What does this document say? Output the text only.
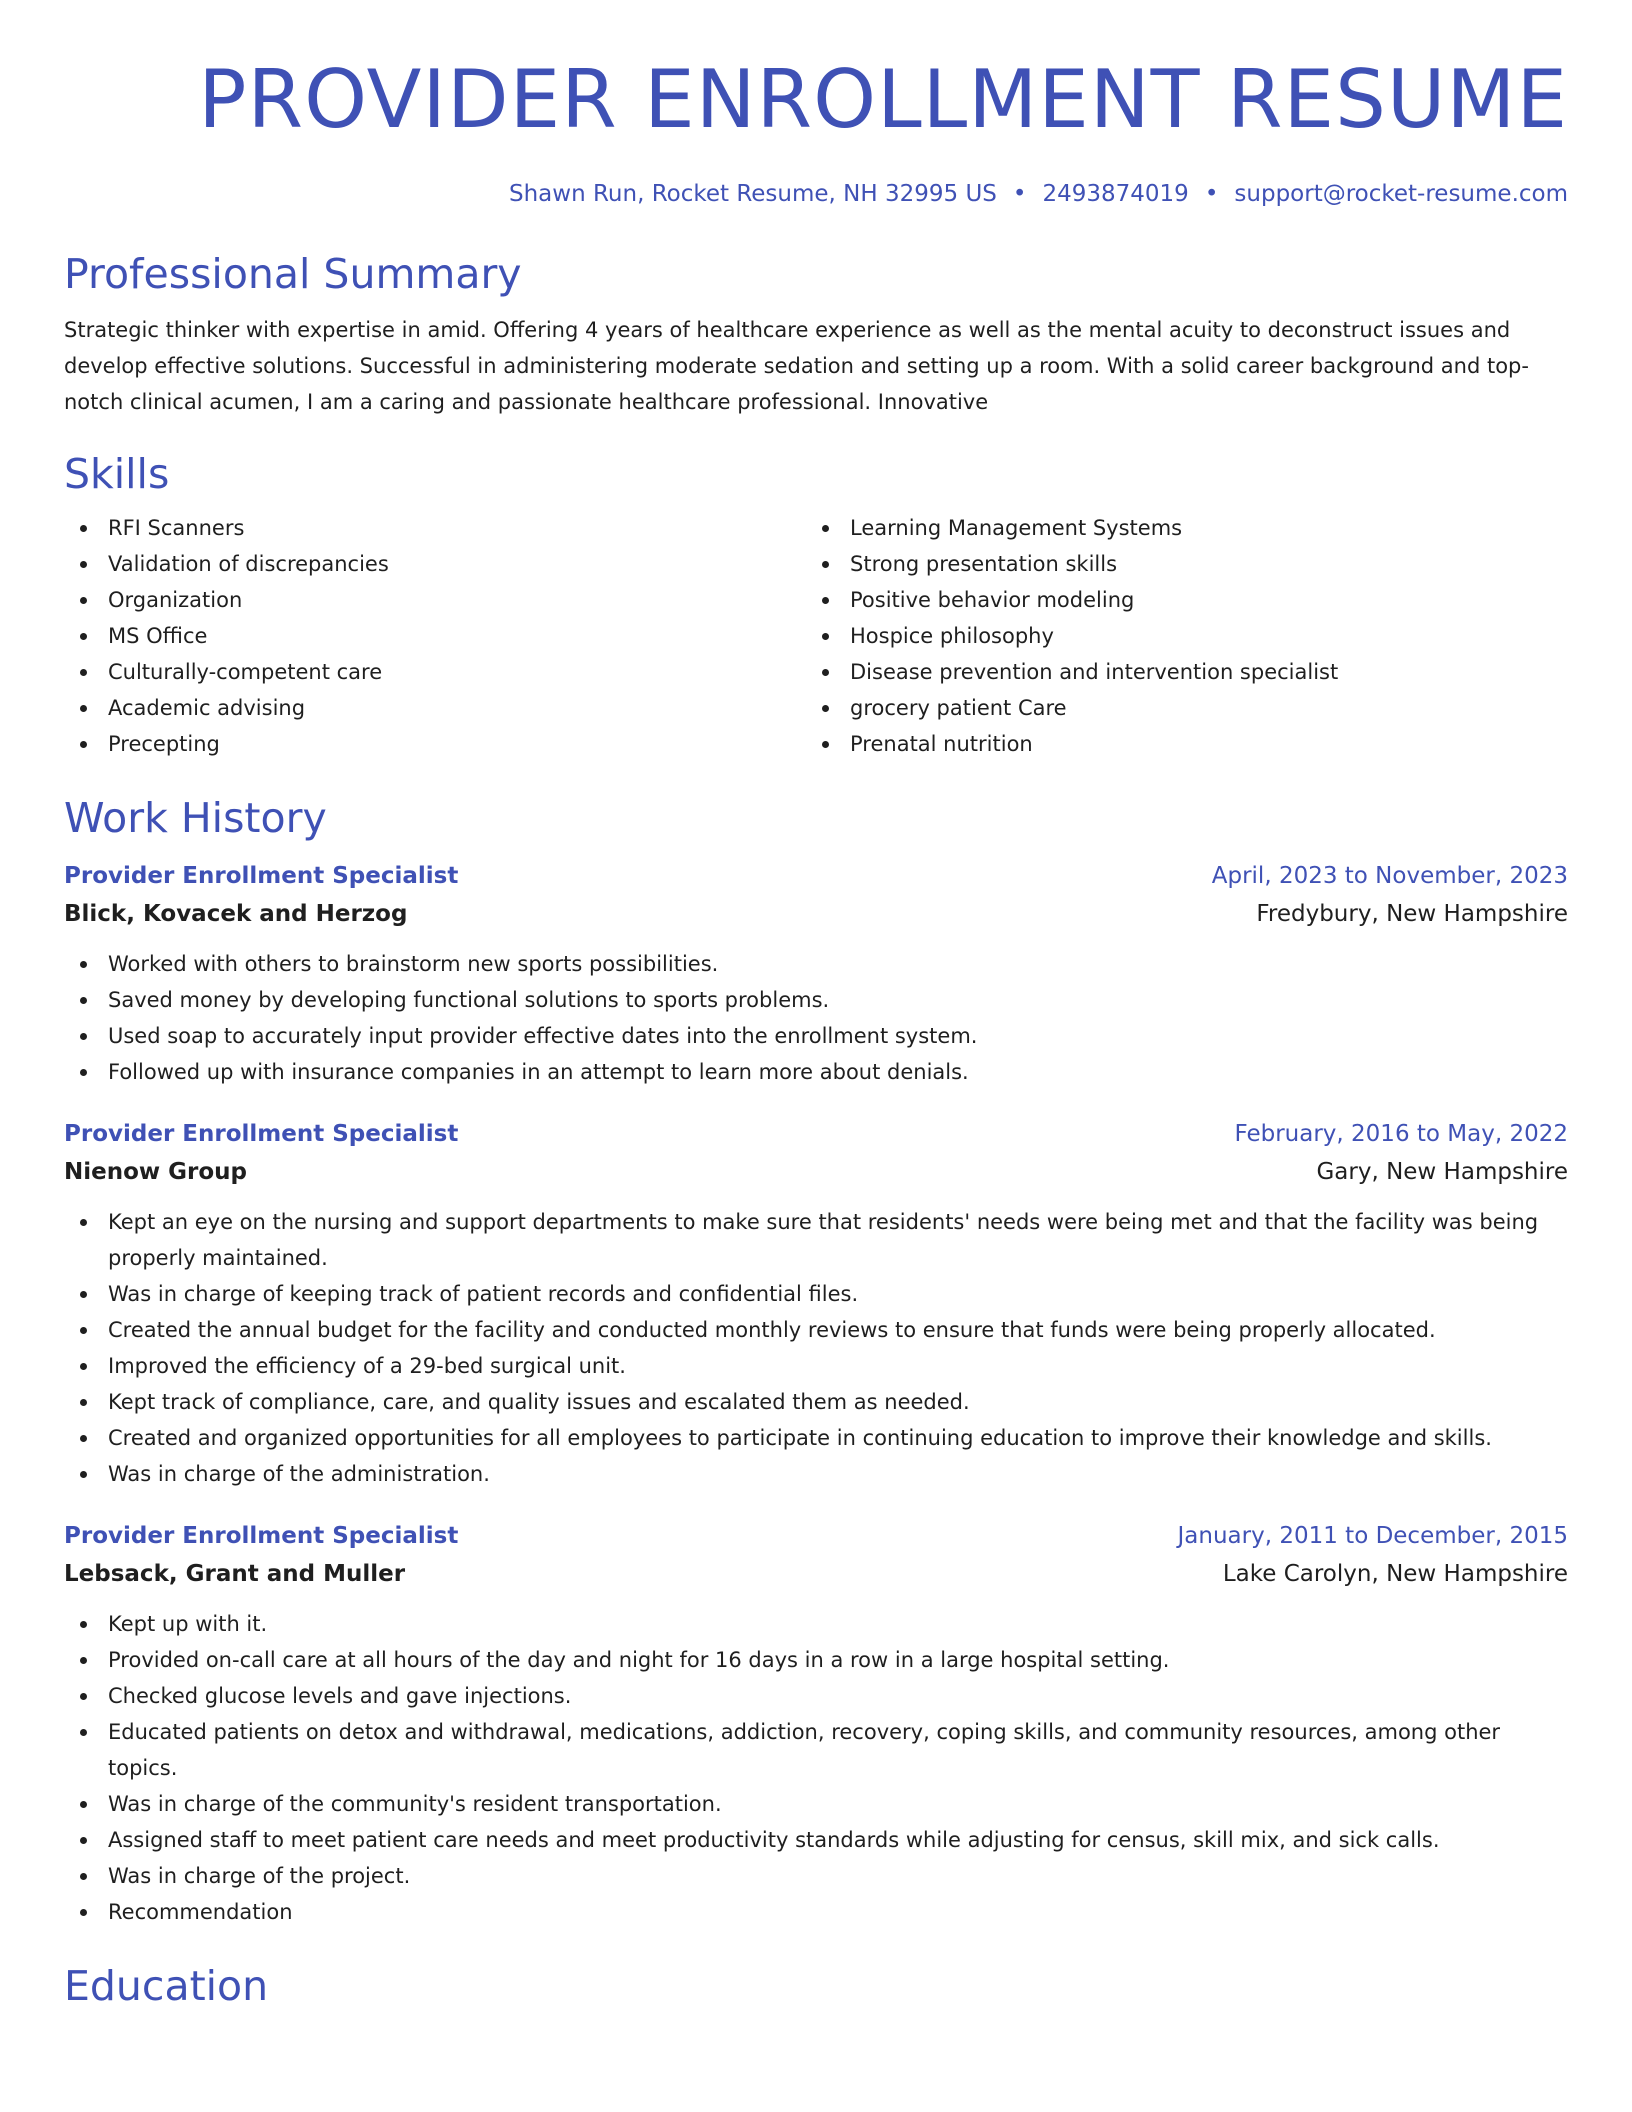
PROVIDER ENROLLMENT RESUME
Shawn Run, Rocket Resume, NH 32995 US • 2493874019 • support@rocket-resume.com
Professional Summary
Strategic thinker with expertise in amid. Offering 4 years of healthcare experience as well as the mental acuity to deconstruct issues and develop effective solutions. Successful in administering moderate sedation and setting up a room. With a solid career background and top-notch clinical acumen, I am a caring and passionate healthcare professional. Innovative
Skills
RFI Scanners
Validation of discrepancies
Organization
MS Office
Culturally-competent care
Academic advising
Precepting
Learning Management Systems
Strong presentation skills
Positive behavior modeling
Hospice philosophy
Disease prevention and intervention specialist
grocery patient Care
Prenatal nutrition
Work History
Provider Enrollment Specialist	April, 2023 to November, 2023
Blick, Kovacek and Herzog	Fredybury, New Hampshire
Worked with others to brainstorm new sports possibilities.
Saved money by developing functional solutions to sports problems.
Used soap to accurately input provider effective dates into the enrollment system.
Followed up with insurance companies in an attempt to learn more about denials.
Provider Enrollment Specialist	February, 2016 to May, 2022
Nienow Group	Gary, New Hampshire
Kept an eye on the nursing and support departments to make sure that residents' needs were being met and that the facility was being properly maintained.
Was in charge of keeping track of patient records and confidential files.
Created the annual budget for the facility and conducted monthly reviews to ensure that funds were being properly allocated.
Improved the efficiency of a 29-bed surgical unit.
Kept track of compliance, care, and quality issues and escalated them as needed.
Created and organized opportunities for all employees to participate in continuing education to improve their knowledge and skills.
Was in charge of the administration.
Provider Enrollment Specialist	January, 2011 to December, 2015
Lebsack, Grant and Muller	Lake Carolyn, New Hampshire
Kept up with it.
Provided on-call care at all hours of the day and night for 16 days in a row in a large hospital setting.
Checked glucose levels and gave injections.
Educated patients on detox and withdrawal, medications, addiction, recovery, coping skills, and community resources, among other topics.
Was in charge of the community's resident transportation.
Assigned staff to meet patient care needs and meet productivity standards while adjusting for census, skill mix, and sick calls.
Was in charge of the project.
Recommendation
Education
